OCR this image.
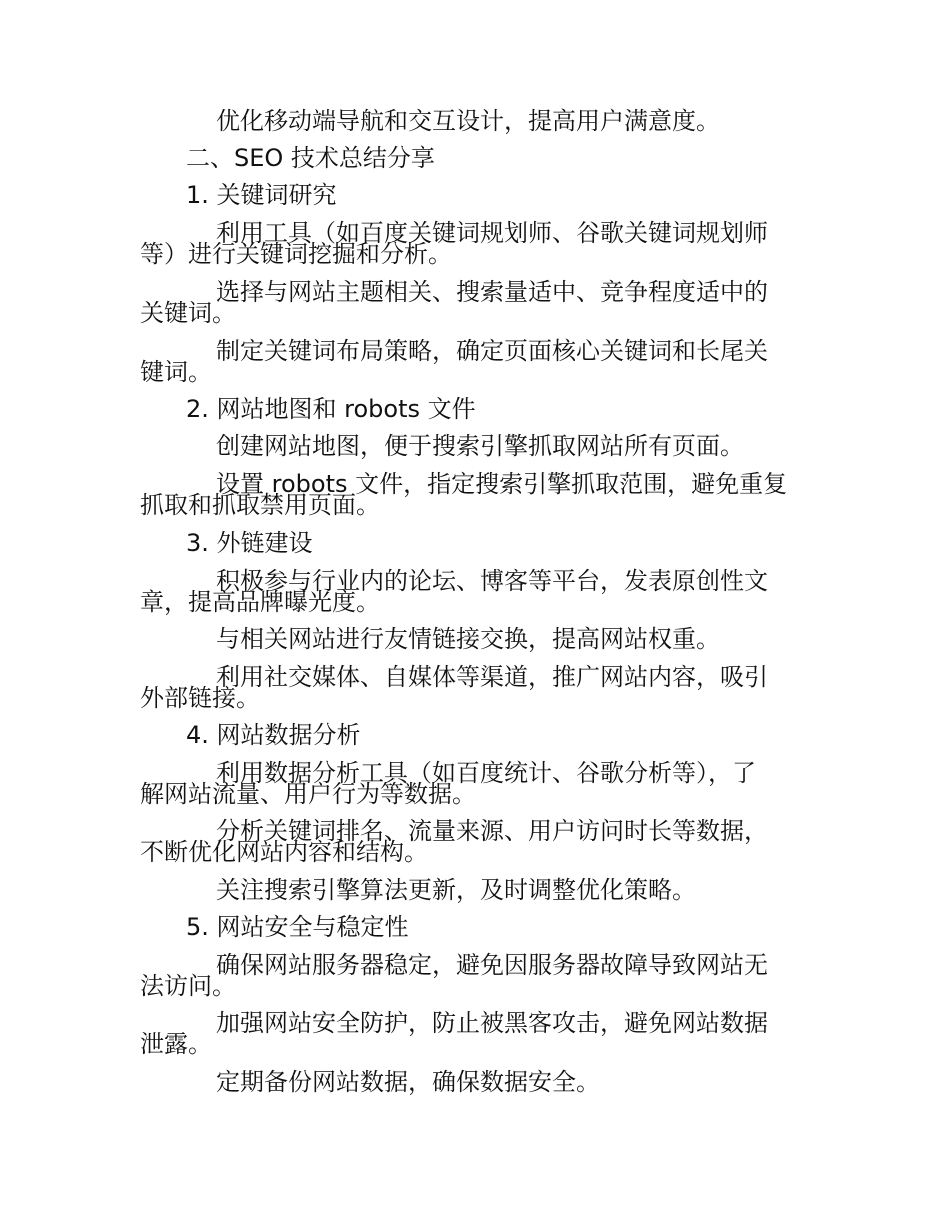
优化移动端导航和交互设计，提高用户满意度。
二、SEO 技术总结分享
1. 关键词研究
利用工具（如百度关键词规划师、谷歌关键词规划师
等）进行关键词挖掘和分析。
选择与网站主题相关、搜索量适中、竞争程度适中的
关键词。
制定关键词布局策略，确定页面核心关键词和长尾关
键词。
2. 网站地图和 robots 文件
创建网站地图，便于搜索引擎抓取网站所有页面。
设置 robots 文件，指定搜索引擎抓取范围，避免重复
抓取和抓取禁用页面。
3. 外链建设
积极参与行业内的论坛、博客等平台，发表原创性文
章，提高品牌曝光度。
与相关网站进行友情链接交换，提高网站权重。
利用社交媒体、自媒体等渠道，推广网站内容，吸引
外部链接。
4. 网站数据分析
利用数据分析工具（如百度统计、谷歌分析等），了
解网站流量、用户行为等数据。
分析关键词排名、流量来源、用户访问时长等数据，
不断优化网站内容和结构。
关注搜索引擎算法更新，及时调整优化策略。
5. 网站安全与稳定性
确保网站服务器稳定，避免因服务器故障导致网站无
法访问。
加强网站安全防护，防止被黑客攻击，避免网站数据
泄露。
定期备份网站数据，确保数据安全。
